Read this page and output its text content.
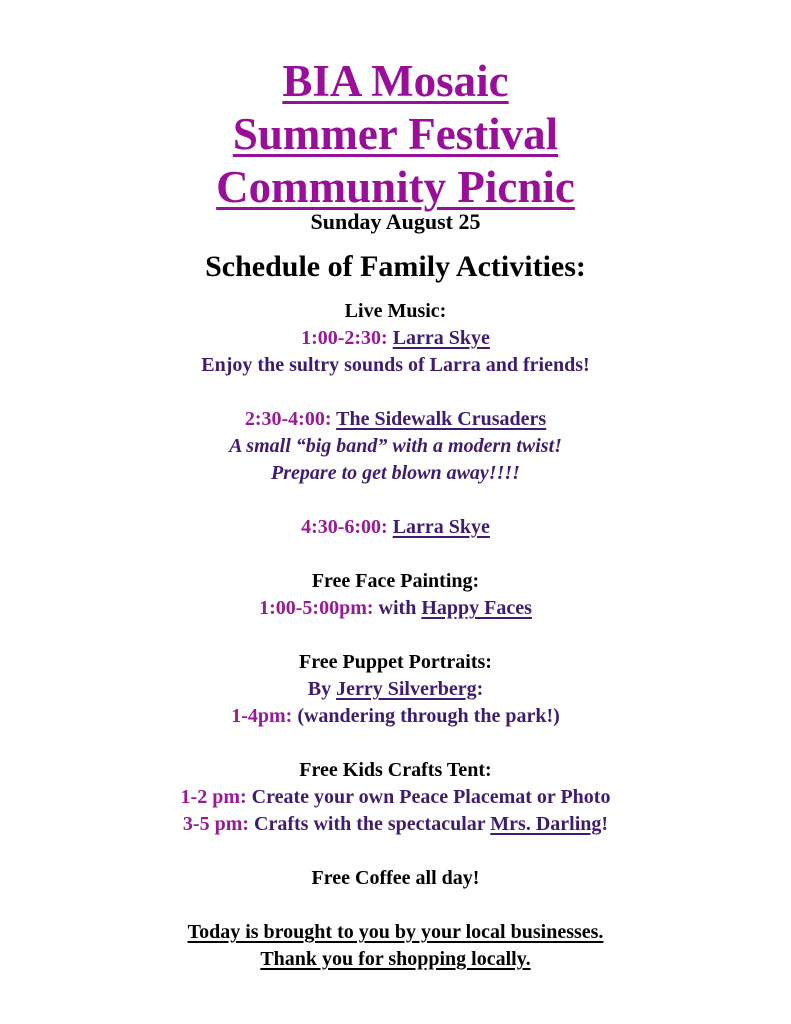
BIA Mosaic
Summer Festival
Community Picnic
Sunday August 25
Schedule of Family Activities:
Live Music:
1:00-2:30: Larra Skye
Enjoy the sultry sounds of Larra and friends!
2:30-4:00: The Sidewalk Crusaders
A small “big band” with a modern twist!
Prepare to get blown away!!!!
4:30-6:00: Larra Skye
Free Face Painting:
1:00-5:00pm: with Happy Faces
Free Puppet Portraits:
By Jerry Silverberg:
1-4pm: (wandering through the park!)
Free Kids Crafts Tent:
1-2 pm: Create your own Peace Placemat or Photo
3-5 pm: Crafts with the spectacular Mrs. Darling!
Free Coffee all day!
Today is brought to you by your local businesses.
Thank you for shopping locally.
